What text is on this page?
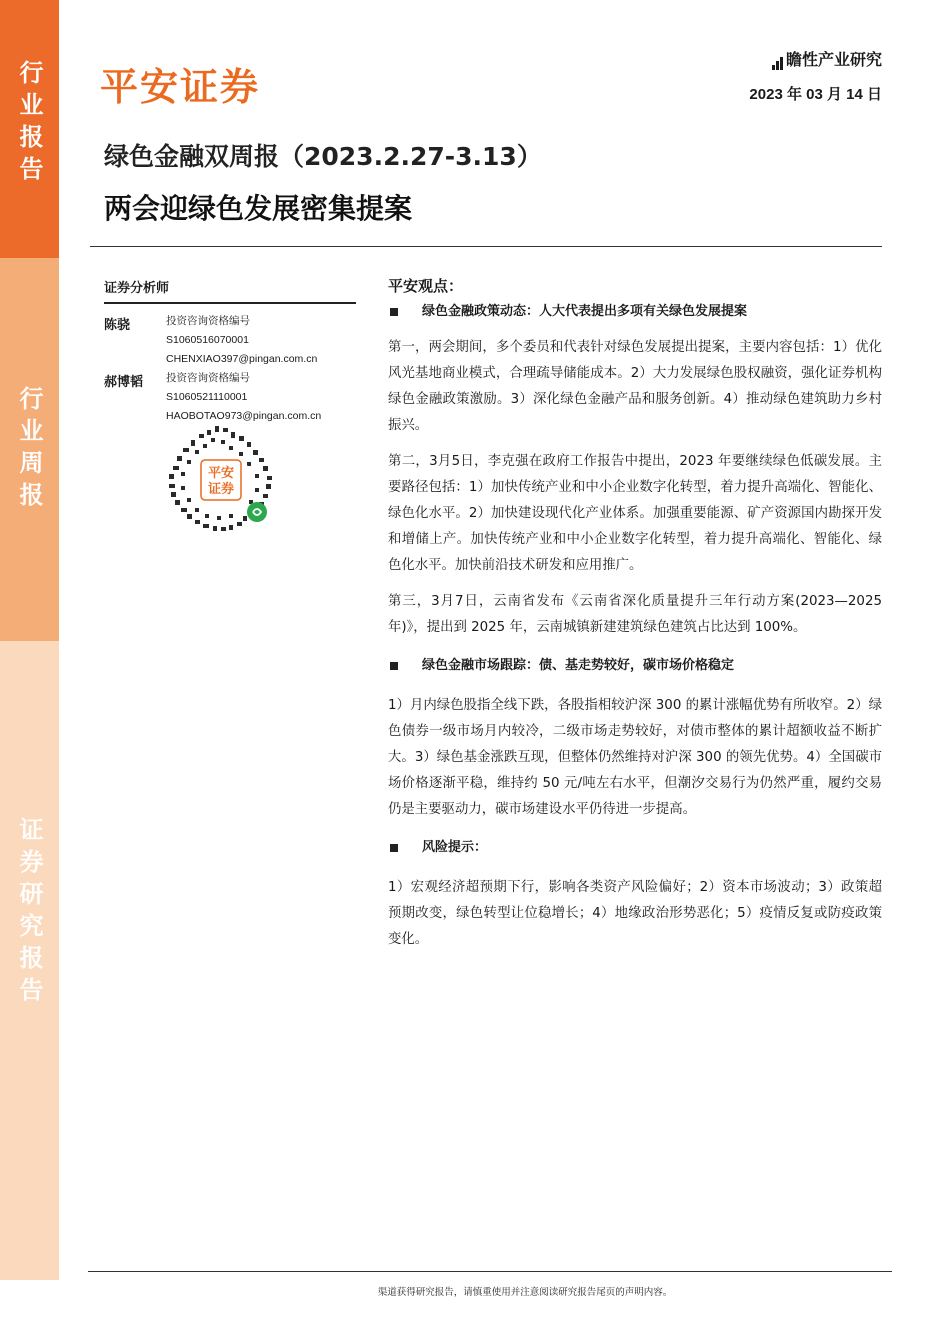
行业报告
行业周报
证券研究报告
平安证券
瞻性产业研究
2023 年 03 月 14 日
绿色金融双周报（2023.2.27-3.13）
两会迎绿色发展密集提案
证券分析师
陈骁	投资咨询资格编号
S1060516070001
CHENXIAO397@pingan.com.cn
郝博韬 投资咨询资格编号
S1060521110001
HAOBOTAO973@pingan.com.cn
平安
证券
平安观点：
绿色金融政策动态：人大代表提出多项有关绿色发展提案

第一，两会期间，多个委员和代表针对绿色发展提出提案，主要内容包括：1）优化风光基地商业模式，合理疏导储能成本。2）大力发展绿色股权融资，强化证券机构绿色金融政策激励。3）深化绿色金融产品和服务创新。4）推动绿色建筑助力乡村振兴。

第二，3月5日，李克强在政府工作报告中提出，2023 年要继续绿色低碳发展。主要路径包括：1）加快传统产业和中小企业数字化转型，着力提升高端化、智能化、绿色化水平。2）加快建设现代化产业体系。加强重要能源、矿产资源国内勘探开发和增储上产。加快传统产业和中小企业数字化转型，着力提升高端化、智能化、绿色化水平。加快前沿技术研发和应用推广。

第三，3月7日，云南省发布《云南省深化质量提升三年行动方案(2023—2025年)》，提出到 2025 年，云南城镇新建建筑绿色建筑占比达到 100%。

绿色金融市场跟踪：债、基走势较好，碳市场价格稳定

1）月内绿色股指全线下跌，各股指相较沪深 300 的累计涨幅优势有所收窄。2）绿色债券一级市场月内较冷，二级市场走势较好，对债市整体的累计超额收益不断扩大。3）绿色基金涨跌互现，但整体仍然维持对沪深 300 的领先优势。4）全国碳市场价格逐渐平稳，维持约 50 元/吨左右水平，但潮汐交易行为仍然严重，履约交易仍是主要驱动力，碳市场建设水平仍待进一步提高。

风险提示：

1）宏观经济超预期下行，影响各类资产风险偏好；2）资本市场波动；3）政策超预期改变，绿色转型让位稳增长；4）地缘政治形势恶化；5）疫情反复或防疫政策变化。

渠道获得研究报告，请慎重使用并注意阅读研究报告尾页的声明内容。
